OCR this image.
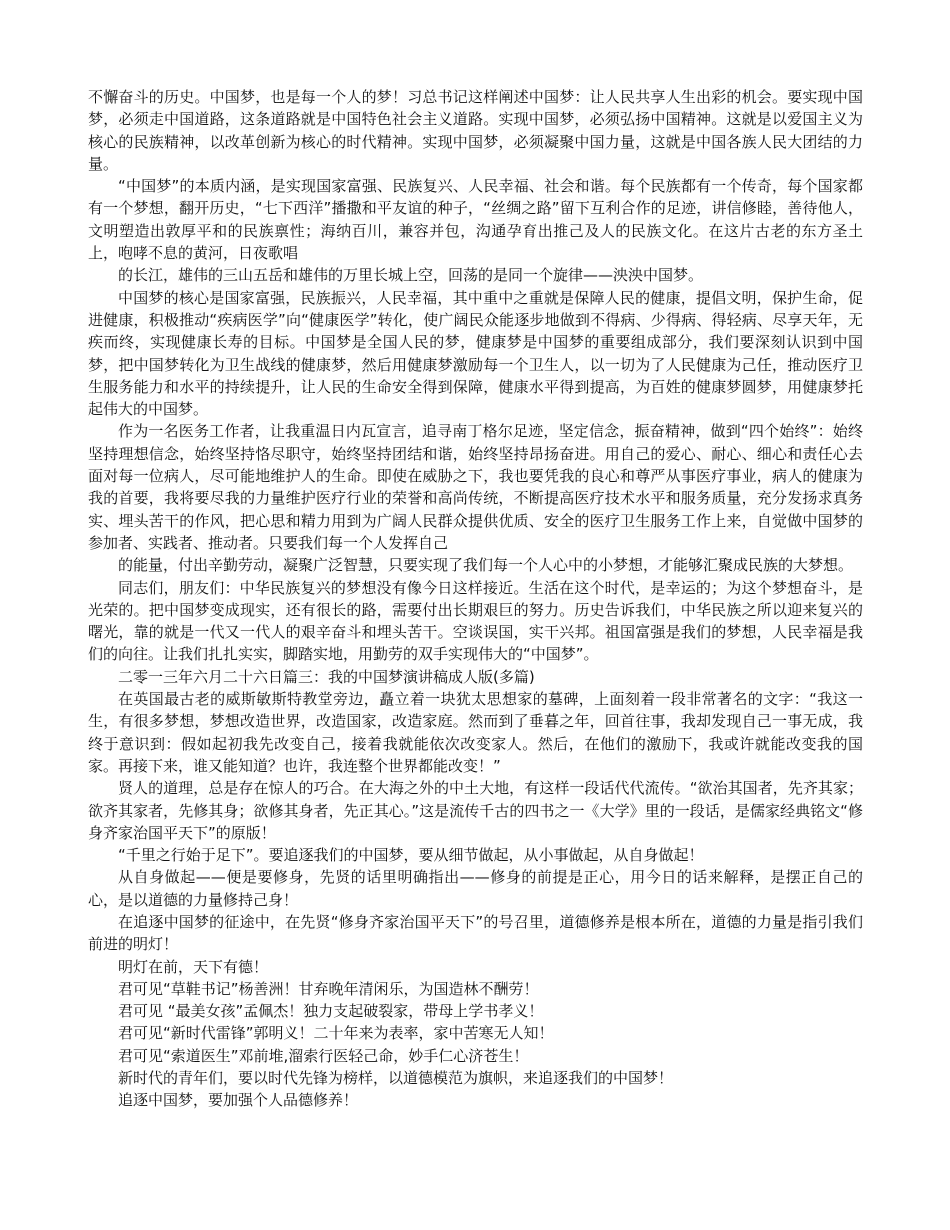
不懈奋斗的历史。中国梦，也是每一个人的梦！习总书记这样阐述中国梦：让人民共享人生出彩的机会。要实现中国梦，必须走中国道路，这条道路就是中国特色社会主义道路。实现中国梦，必须弘扬中国精神。这就是以爱国主义为核心的民族精神，以改革创新为核心的时代精神。实现中国梦，必须凝聚中国力量，这就是中国各族人民大团结的力量。

“中国梦”的本质内涵，是实现国家富强、民族复兴、人民幸福、社会和谐。每个民族都有一个传奇，每个国家都有一个梦想，翻开历史，“七下西洋”播撒和平友谊的种子，“丝绸之路”留下互利合作的足迹，讲信修睦，善待他人，文明塑造出敦厚平和的民族禀性；海纳百川，兼容并包，沟通孕育出推己及人的民族文化。在这片古老的东方圣土上，咆哮不息的黄河，日夜歌唱

的长江，雄伟的三山五岳和雄伟的万里长城上空，回荡的是同一个旋律——泱泱中国梦。

中国梦的核心是国家富强，民族振兴，人民幸福，其中重中之重就是保障人民的健康，提倡文明，保护生命，促进健康，积极推动“疾病医学”向“健康医学”转化，使广阔民众能逐步地做到不得病、少得病、得轻病、尽享天年，无疾而终，实现健康长寿的目标。中国梦是全国人民的梦，健康梦是中国梦的重要组成部分，我们要深刻认识到中国梦，把中国梦转化为卫生战线的健康梦，然后用健康梦激励每一个卫生人，以一切为了人民健康为己任，推动医疗卫生服务能力和水平的持续提升，让人民的生命安全得到保障，健康水平得到提高，为百姓的健康梦圆梦，用健康梦托起伟大的中国梦。

作为一名医务工作者，让我重温日内瓦宣言，追寻南丁格尔足迹，坚定信念，振奋精神，做到“四个始终”：始终坚持理想信念，始终坚持恪尽职守，始终坚持团结和谐，始终坚持昂扬奋进。用自己的爱心、耐心、细心和责任心去面对每一位病人，尽可能地维护人的生命。即使在威胁之下，我也要凭我的良心和尊严从事医疗事业，病人的健康为我的首要，我将要尽我的力量维护医疗行业的荣誉和高尚传统，不断提高医疗技术水平和服务质量，充分发扬求真务实、埋头苦干的作风，把心思和精力用到为广阔人民群众提供优质、安全的医疗卫生服务工作上来，自觉做中国梦的参加者、实践者、推动者。只要我们每一个人发挥自己

的能量，付出辛勤劳动，凝聚广泛智慧，只要实现了我们每一个人心中的小梦想，才能够汇聚成民族的大梦想。

同志们，朋友们：中华民族复兴的梦想没有像今日这样接近。生活在这个时代，是幸运的；为这个梦想奋斗，是光荣的。把中国梦变成现实，还有很长的路，需要付出长期艰巨的努力。历史告诉我们，中华民族之所以迎来复兴的曙光，靠的就是一代又一代人的艰辛奋斗和埋头苦干。空谈误国，实干兴邦。祖国富强是我们的梦想，人民幸福是我们的向往。让我们扎扎实实，脚踏实地，用勤劳的双手实现伟大的“中国梦”。

二零一三年六月二十六日篇三：我的中国梦演讲稿成人版(多篇)

在英国最古老的威斯敏斯特教堂旁边，矗立着一块犹太思想家的墓碑，上面刻着一段非常著名的文字：“我这一生，有很多梦想，梦想改造世界，改造国家，改造家庭。然而到了垂暮之年，回首往事，我却发现自己一事无成，我终于意识到：假如起初我先改变自己，接着我就能依次改变家人。然后，在他们的激励下，我或许就能改变我的国家。再接下来，谁又能知道？也许，我连整个世界都能改变！”

贤人的道理，总是存在惊人的巧合。在大海之外的中土大地，有这样一段话代代流传。“欲治其国者，先齐其家；欲齐其家者，先修其身；欲修其身者，先正其心。”这是流传千古的四书之一《大学》里的一段话，是儒家经典铭文“修身齐家治国平天下”的原版！

“千里之行始于足下”。要追逐我们的中国梦，要从细节做起，从小事做起，从自身做起！

从自身做起——便是要修身，先贤的话里明确指出——修身的前提是正心，用今日的话来解释，是摆正自己的心，是以道德的力量修持己身！

在追逐中国梦的征途中，在先贤“修身齐家治国平天下”的号召里，道德修养是根本所在，道德的力量是指引我们前进的明灯！

明灯在前，天下有德！

君可见“草鞋书记”杨善洲！甘弃晚年清闲乐，为国造林不酬劳！

君可见 “最美女孩”孟佩杰！独力支起破裂家，带母上学书孝义！

君可见“新时代雷锋”郭明义！二十年来为表率，家中苦寒无人知！

君可见“索道医生”邓前堆,溜索行医轻己命，妙手仁心济苍生！

新时代的青年们，要以时代先锋为榜样，以道德模范为旗帜，来追逐我们的中国梦！

追逐中国梦，要加强个人品德修养！
